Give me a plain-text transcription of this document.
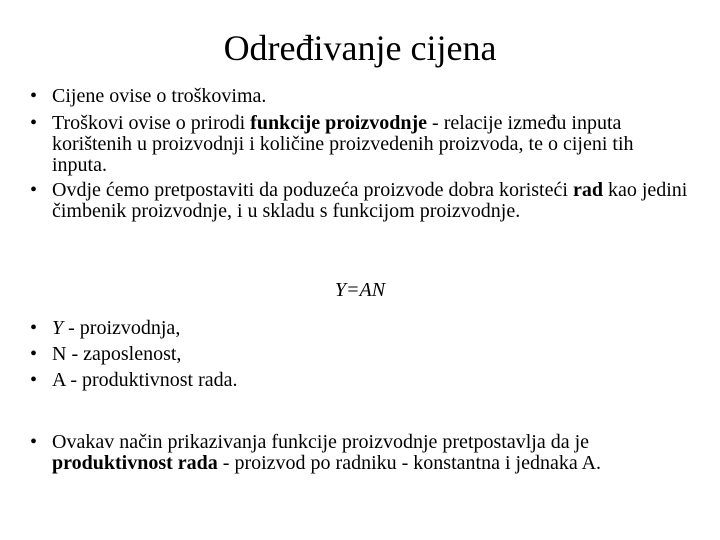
Određivanje cijena
• Cijene ovise o troškovima.
• Troškovi ovise o prirodi funkcije proizvodnje - relacije između inputa korištenih u proizvodnji i količine proizvedenih proizvoda, te o cijeni tih inputa.
• Ovdje ćemo pretpostaviti da poduzeća proizvode dobra koristeći rad kao jedini čimbenik proizvodnje, i u skladu s funkcijom proizvodnje.
Y=AN
• Y - proizvodnja,
• N - zaposlenost,
• A - produktivnost rada.
• Ovakav način prikazivanja funkcije proizvodnje pretpostavlja da je produktivnost rada - proizvod po radniku - konstantna i jednaka A.
